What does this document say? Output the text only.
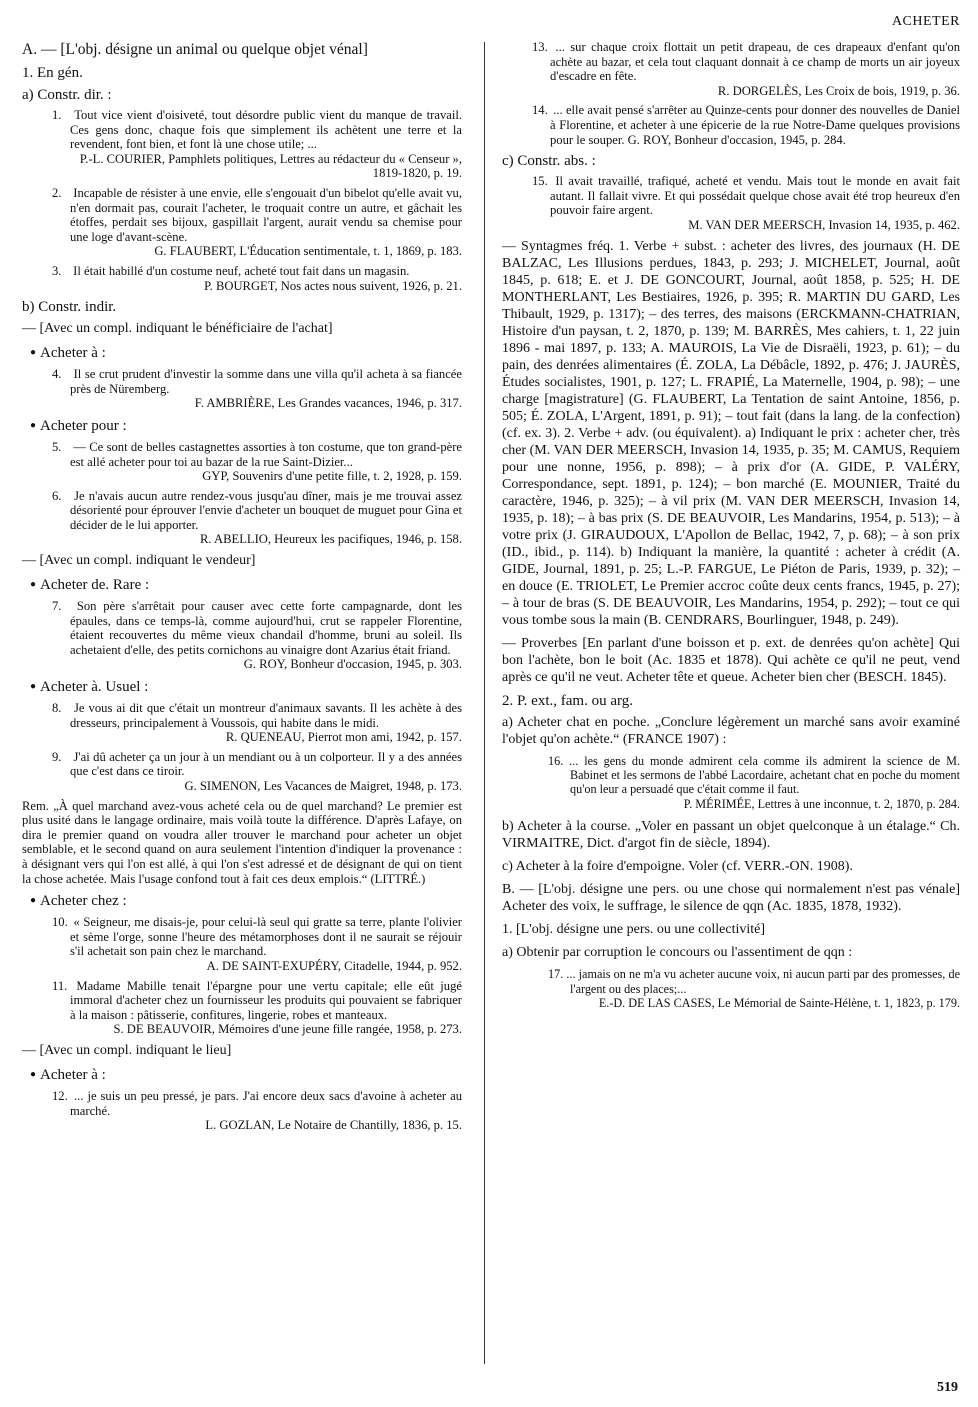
ACHETER
A. — [L'obj. désigne un animal ou quelque objet vénal]
1. En gén.
a) Constr. dir. :
1. Tout vice vient d'oisiveté, tout désordre public vient du manque de travail. Ces gens donc, chaque fois que simplement ils achètent une terre et la revendent, font bien, et font là une chose utile; ...
P.-L. COURIER, Pamphlets politiques, Lettres au rédacteur du « Censeur », 1819-1820, p. 19.
2. Incapable de résister à une envie, elle s'engouait d'un bibelot qu'elle avait vu, n'en dormait pas, courait l'acheter, le troquait contre un autre, et gâchait les étoffes, perdait ses bijoux, gaspillait l'argent, aurait vendu sa chemise pour une loge d'avant-scène.
G. FLAUBERT, L'Éducation sentimentale, t. 1, 1869, p. 183.
3. Il était habillé d'un costume neuf, acheté tout fait dans un magasin.
P. BOURGET, Nos actes nous suivent, 1926, p. 21.
b) Constr. indir.
— [Avec un compl. indiquant le bénéficiaire de l'achat]
● Acheter à :
4. Il se crut prudent d'investir la somme dans une villa qu'il acheta à sa fiancée près de Nüremberg.
F. AMBRIÈRE, Les Grandes vacances, 1946, p. 317.
● Acheter pour :
5. — Ce sont de belles castagnettes assorties à ton costume, que ton grand-père est allé acheter pour toi au bazar de la rue Saint-Dizier...
GYP, Souvenirs d'une petite fille, t. 2, 1928, p. 159.
6. Je n'avais aucun autre rendez-vous jusqu'au dîner, mais je me trouvai assez désorienté pour éprouver l'envie d'acheter un bouquet de muguet pour Gina et décider de le lui apporter.
R. ABELLIO, Heureux les pacifiques, 1946, p. 158.
— [Avec un compl. indiquant le vendeur]
● Acheter de. Rare :
7. Son père s'arrêtait pour causer avec cette forte campagnarde, dont les épaules, dans ce temps-là, comme aujourd'hui, crut se rappeler Florentine, étaient recouvertes du même vieux chandail d'homme, bruni au soleil. Ils achetaient d'elle, des petits cornichons au vinaigre dont Azarius était friand.
G. ROY, Bonheur d'occasion, 1945, p. 303.
● Acheter à. Usuel :
8. Je vous ai dit que c'était un montreur d'animaux savants. Il les achète à des dresseurs, principalement à Voussois, qui habite dans le midi.
R. QUENEAU, Pierrot mon ami, 1942, p. 157.
9. J'ai dû acheter ça un jour à un mendiant ou à un colporteur. Il y a des années que c'est dans ce tiroir.
G. SIMENON, Les Vacances de Maigret, 1948, p. 173.
Rem. „À quel marchand avez-vous acheté cela ou de quel marchand? Le premier est plus usité dans le langage ordinaire, mais voilà toute la différence. D'après Lafaye, on dira le premier quand on voudra aller trouver le marchand pour acheter un objet semblable, et le second quand on aura seulement l'intention d'indiquer la provenance : à désignant vers qui l'on est allé, à qui l'on s'est adressé et de désignant de qui on tient la chose achetée. Mais l'usage confond tout à fait ces deux emplois.“ (LITTRÉ.)
● Acheter chez :
10. « Seigneur, me disais-je, pour celui-là seul qui gratte sa terre, plante l'olivier et sème l'orge, sonne l'heure des métamorphoses dont il ne saurait se réjouir s'il achetait son pain chez le marchand.
A. DE SAINT-EXUPÉRY, Citadelle, 1944, p. 952.
11. Madame Mabille tenait l'épargne pour une vertu capitale; elle eût jugé immoral d'acheter chez un fournisseur les produits qui pouvaient se fabriquer à la maison : pâtisserie, confitures, lingerie, robes et manteaux.
S. DE BEAUVOIR, Mémoires d'une jeune fille rangée, 1958, p. 273.
— [Avec un compl. indiquant le lieu]
● Acheter à :
12. ... je suis un peu pressé, je pars. J'ai encore deux sacs d'avoine à acheter au marché.
L. GOZLAN, Le Notaire de Chantilly, 1836, p. 15.
13. ... sur chaque croix flottait un petit drapeau, de ces drapeaux d'enfant qu'on achète au bazar, et cela tout claquant donnait à ce champ de morts un air joyeux d'escadre en fête.
R. DORGELÈS, Les Croix de bois, 1919, p. 36.
14. ... elle avait pensé s'arrêter au Quinze-cents pour donner des nouvelles de Daniel à Florentine, et acheter à une épicerie de la rue Notre-Dame quelques provisions pour le souper. G. ROY, Bonheur d'occasion, 1945, p. 284.
c) Constr. abs. :
15. Il avait travaillé, trafiqué, acheté et vendu. Mais tout le monde en avait fait autant. Il fallait vivre. Et qui possédait quelque chose avait été trop heureux d'en pouvoir faire argent.
M. VAN DER MEERSCH, Invasion 14, 1935, p. 462.
— Syntagmes fréq. 1. Verbe + subst. : acheter des livres, des journaux (H. DE BALZAC, Les Illusions perdues, 1843, p. 293; J. MICHELET, Journal, août 1845, p. 618; E. et J. DE GONCOURT, Journal, août 1858, p. 525; H. DE MONTHERLANT, Les Bestiaires, 1926, p. 395; R. MARTIN DU GARD, Les Thibault, 1929, p. 1317); – des terres, des maisons (ERCKMANN-CHATRIAN, Histoire d'un paysan, t. 2, 1870, p. 139; M. BARRÈS, Mes cahiers, t. 1, 22 juin 1896 - mai 1897, p. 133; A. MAUROIS, La Vie de Disraëli, 1923, p. 61); – du pain, des denrées alimentaires (É. ZOLA, La Débâcle, 1892, p. 476; J. JAURÈS, Études socialistes, 1901, p. 127; L. FRAPIÉ, La Maternelle, 1904, p. 98); – une charge [magistrature] (G. FLAUBERT, La Tentation de saint Antoine, 1856, p. 505; É. ZOLA, L'Argent, 1891, p. 91); – tout fait (dans la lang. de la confection) (cf. ex. 3). 2. Verbe + adv. (ou équivalent). a) Indiquant le prix : acheter cher, très cher (M. VAN DER MEERSCH, Invasion 14, 1935, p. 35; M. CAMUS, Requiem pour une nonne, 1956, p. 898); – à prix d'or (A. GIDE, P. VALÉRY, Correspondance, sept. 1891, p. 124); – bon marché (E. MOUNIER, Traité du caractère, 1946, p. 325); – à vil prix (M. VAN DER MEERSCH, Invasion 14, 1935, p. 18); – à bas prix (S. DE BEAUVOIR, Les Mandarins, 1954, p. 513); – à votre prix (J. GIRAUDOUX, L'Apollon de Bellac, 1942, 7, p. 68); – à son prix (ID., ibid., p. 114). b) Indiquant la manière, la quantité : acheter à crédit (A. GIDE, Journal, 1891, p. 25; L.-P. FARGUE, Le Piéton de Paris, 1939, p. 32); – en douce (E. TRIOLET, Le Premier accroc coûte deux cents francs, 1945, p. 27); – à tour de bras (S. DE BEAUVOIR, Les Mandarins, 1954, p. 292); – tout ce qui vous tombe sous la main (B. CENDRARS, Bourlinguer, 1948, p. 249).
— Proverbes [En parlant d'une boisson et p. ext. de denrées qu'on achète] Qui bon l'achète, bon le boit (Ac. 1835 et 1878). Qui achète ce qu'il ne peut, vend après ce qu'il ne veut. Acheter tête et queue. Acheter bien cher (BESCH. 1845).
2. P. ext., fam. ou arg.
a) Acheter chat en poche. „Conclure légèrement un marché sans avoir examiné l'objet qu'on achète.“ (FRANCE 1907) :
16. ... les gens du monde admirent cela comme ils admirent la science de M. Babinet et les sermons de l'abbé Lacordaire, achetant chat en poche du moment qu'on leur a persuadé que c'était comme il faut.
P. MÉRIMÉE, Lettres à une inconnue, t. 2, 1870, p. 284.
b) Acheter à la course. „Voler en passant un objet quelconque à un étalage.“ Ch. VIRMAITRE, Dict. d'argot fin de siècle, 1894).
c) Acheter à la foire d'empoigne. Voler (cf. VERR.-ON. 1908).
B. — [L'obj. désigne une pers. ou une chose qui normalement n'est pas vénale] Acheter des voix, le suffrage, le silence de qqn (Ac. 1835, 1878, 1932).
1. [L'obj. désigne une pers. ou une collectivité]
a) Obtenir par corruption le concours ou l'assentiment de qqn :
17. ... jamais on ne m'a vu acheter aucune voix, ni aucun parti par des promesses, de l'argent ou des places;...
E.-D. DE LAS CASES, Le Mémorial de Sainte-Hélène, t. 1, 1823, p. 179.
519
